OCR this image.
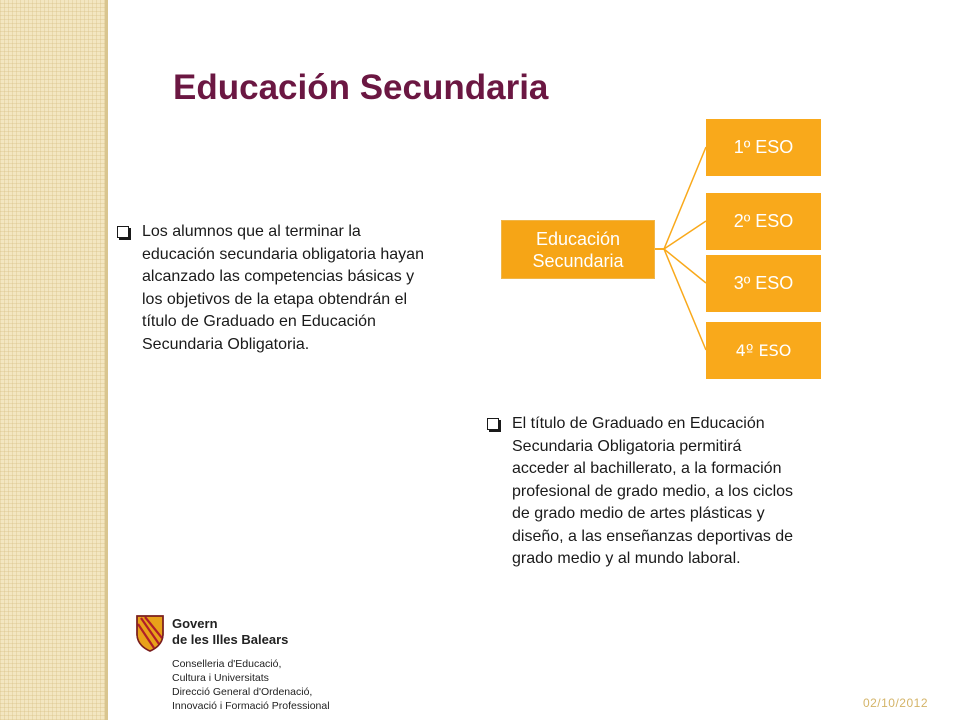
Educación Secundaria
Los alumnos que al terminar la educación secundaria obligatoria hayan alcanzado las competencias básicas y los objetivos de la etapa obtendrán el título de Graduado en Educación Secundaria Obligatoria.
Educación
Secundaria
1º ESO
2º ESO
3º ESO
4º ESO
El título de Graduado en Educación Secundaria Obligatoria permitirá acceder al bachillerato, a la formación profesional de grado medio, a los ciclos de grado medio de artes plásticas y diseño, a las enseñanzas deportivas de grado medio y al mundo laboral.
Govern
de les Illes Balears
Conselleria d'Educació,
Cultura i Universitats
Direcció General d'Ordenació,
Innovació i Formació Professional	02/10/2012
